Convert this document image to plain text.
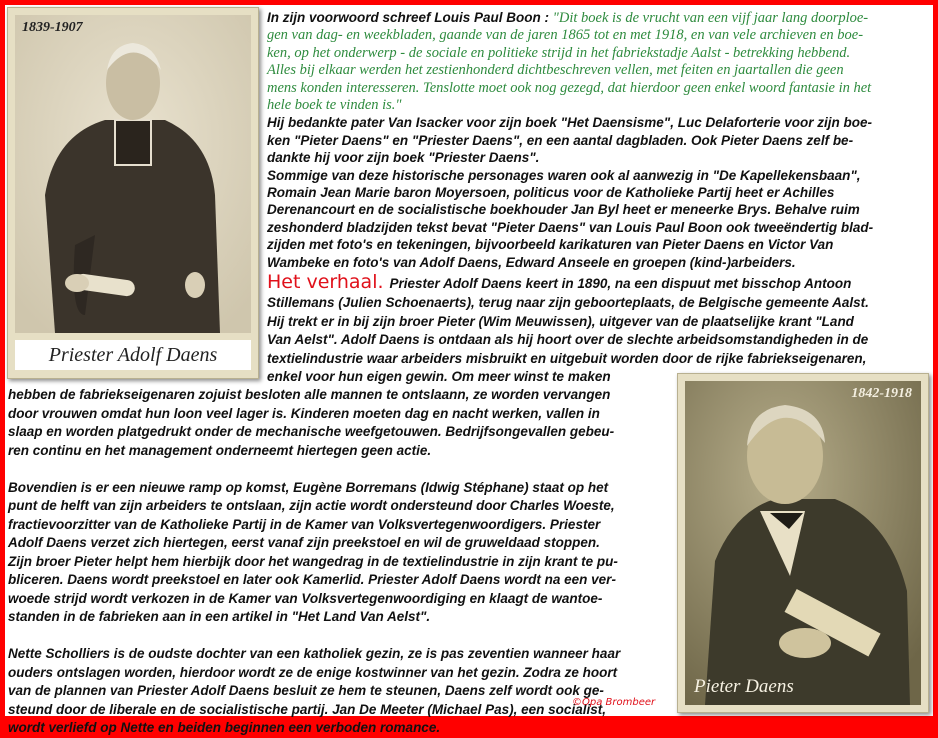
1839-1907
Priester Adolf Daens
1842-1918
Pieter Daens
In zijn voorwoord schreef Louis Paul Boon : "Dit boek is de vrucht van een vijf jaar lang doorploe-
gen van dag- en weekbladen, gaande van de jaren 1865 tot en met 1918, en van vele archieven en boe-
ken, op het onderwerp - de sociale en politieke strijd in het fabriekstadje Aalst - betrekking hebbend.
Alles bij elkaar werden het zestienhonderd dichtbeschreven vellen, met feiten en jaartallen die geen
mens konden interesseren. Tenslotte moet ook nog gezegd, dat hierdoor geen enkel woord fantasie in het
hele boek te vinden is."
Hij bedankte pater Van Isacker voor zijn boek "Het Daensisme", Luc Delaforterie voor zijn boe-
ken "Pieter Daens" en "Priester Daens", en een aantal dagbladen. Ook Pieter Daens zelf be-
dankte hij voor zijn boek "Priester Daens".
Sommige van deze historische personages waren ook al aanwezig in "De Kapellekensbaan",
Romain Jean Marie baron Moyersoen, politicus voor de Katholieke Partij heet er Achilles
Derenancourt en de socialistische boekhouder Jan Byl heet er meneerke Brys. Behalve ruim
zeshonderd bladzijden tekst bevat "Pieter Daens" van Louis Paul Boon ook tweeëndertig blad-
zijden met foto's en tekeningen, bijvoorbeeld karikaturen van Pieter Daens en Victor Van
Wambeke en foto's van Adolf Daens, Edward Anseele en groepen (kind-)arbeiders.
Het verhaal. Priester Adolf Daens keert in 1890, na een dispuut met bisschop Antoon
Stillemans (Julien Schoenaerts), terug naar zijn geboorteplaats, de Belgische gemeente Aalst.
Hij trekt er in bij zijn broer Pieter (Wim Meuwissen), uitgever van de plaatselijke krant "Land
Van Aelst". Adolf Daens is ontdaan als hij hoort over de slechte arbeidsomstandigheden in de
textielindustrie waar arbeiders misbruikt en uitgebuit worden door de rijke fabriekseigenaren,
enkel voor hun eigen gewin. Om meer winst te maken
hebben de fabriekseigenaren zojuist besloten alle mannen te ontslaann, ze worden vervangen
door vrouwen omdat hun loon veel lager is. Kinderen moeten dag en nacht werken, vallen in
slaap en worden platgedrukt onder de mechanische weefgetouwen. Bedrijfsongevallen gebeu-
ren continu en het management onderneemt hiertegen geen actie.
Bovendien is er een nieuwe ramp op komst, Eugène Borremans (Idwig Stéphane) staat op het
punt de helft van zijn arbeiders te ontslaan, zijn actie wordt ondersteund door Charles Woeste,
fractievoorzitter van de Katholieke Partij in de Kamer van Volksvertegenwoordigers. Priester
Adolf Daens verzet zich hiertegen, eerst vanaf zijn preekstoel en wil de gruweldaad stoppen.
Zijn broer Pieter helpt hem hierbijk door het wangedrag in de textielindustrie in zijn krant te pu-
bliceren. Daens wordt preekstoel en later ook Kamerlid. Priester Adolf Daens wordt na een ver-
woede strijd wordt verkozen in de Kamer van Volksvertegenwoordiging en klaagt de wantoe-
standen in de fabrieken aan in een artikel in "Het Land Van Aelst".
Nette Scholliers is de oudste dochter van een katholiek gezin, ze is pas zeventien wanneer haar
ouders ontslagen worden, hierdoor wordt ze de enige kostwinner van het gezin. Zodra ze hoort
van de plannen van Priester Adolf Daens besluit ze hem te steunen, Daens zelf wordt ook ge-
steund door de liberale en de socialistische partij. Jan De Meeter (Michael Pas), een socialist,
wordt verliefd op Nette en beiden beginnen een verboden romance.
©Opa Brombeer
